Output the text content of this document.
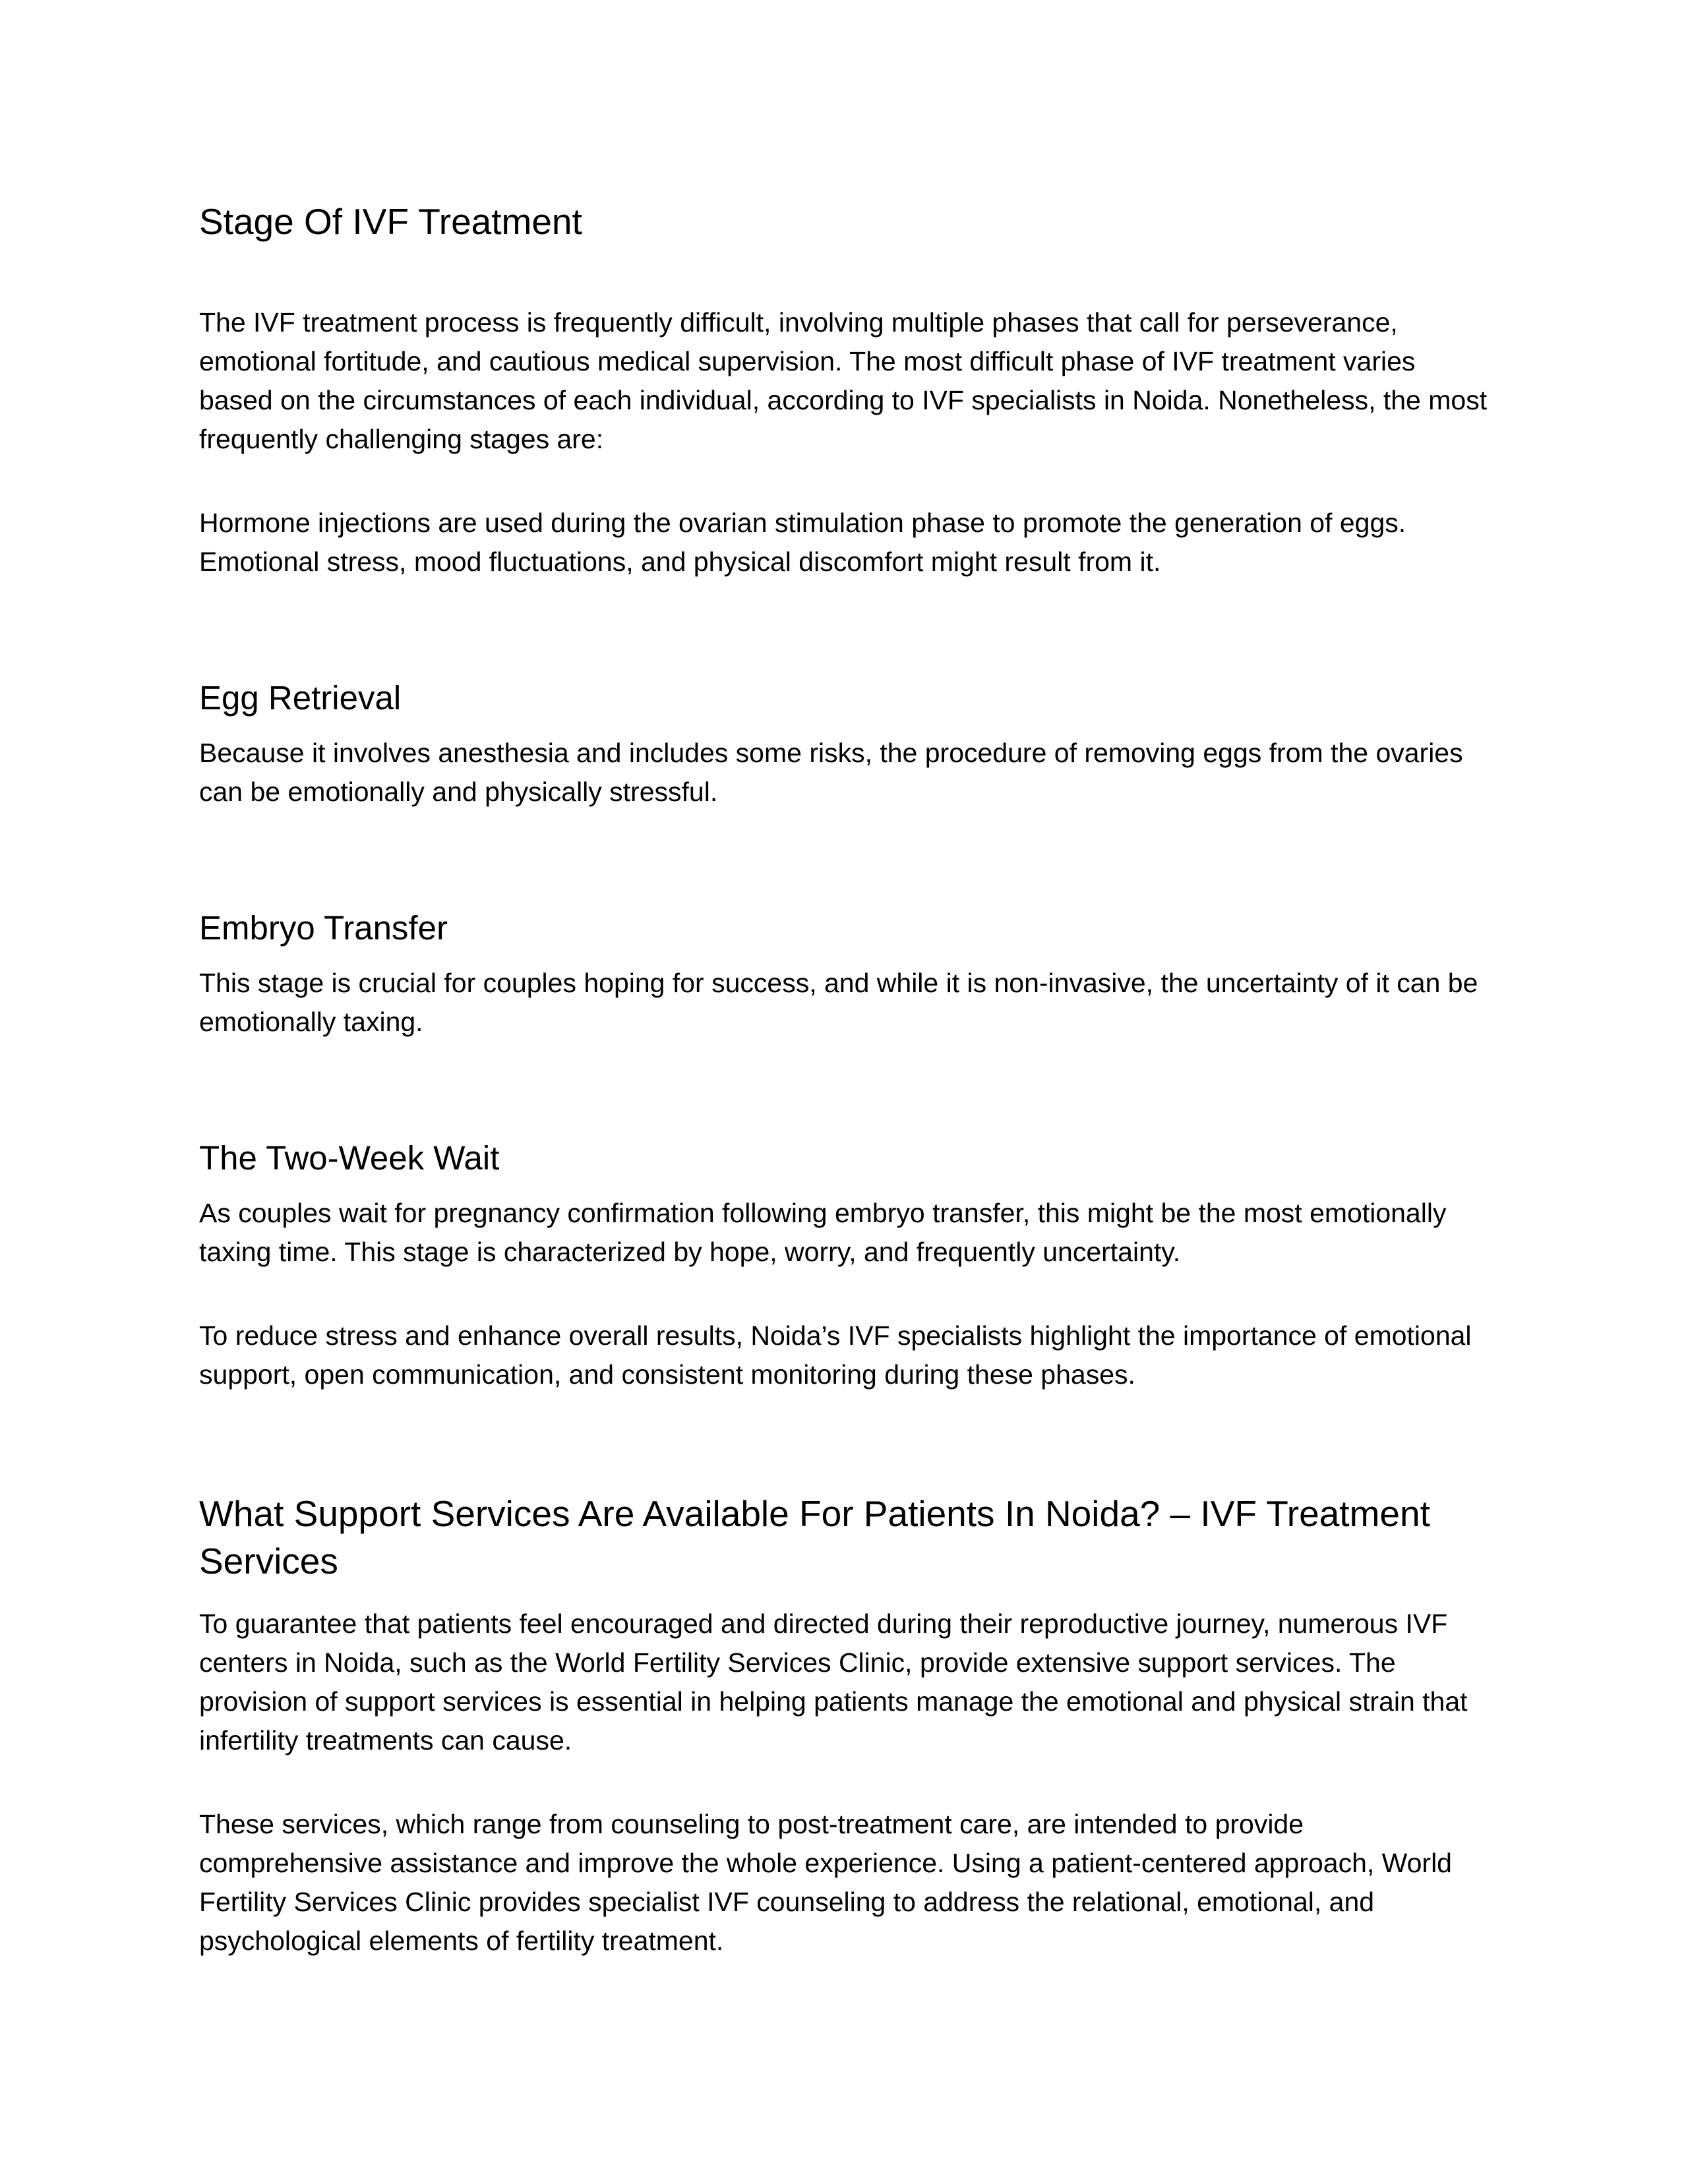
Stage Of IVF Treatment

The IVF treatment process is frequently difficult, involving multiple phases that call for perseverance, emotional fortitude, and cautious medical supervision. The most difficult phase of IVF treatment varies based on the circumstances of each individual, according to IVF specialists in Noida. Nonetheless, the most frequently challenging stages are:

Hormone injections are used during the ovarian stimulation phase to promote the generation of eggs. Emotional stress, mood fluctuations, and physical discomfort might result from it.

Egg Retrieval

Because it involves anesthesia and includes some risks, the procedure of removing eggs from the ovaries can be emotionally and physically stressful.

Embryo Transfer

This stage is crucial for couples hoping for success, and while it is non-invasive, the uncertainty of it can be emotionally taxing.

The Two-Week Wait

As couples wait for pregnancy confirmation following embryo transfer, this might be the most emotionally taxing time. This stage is characterized by hope, worry, and frequently uncertainty.

To reduce stress and enhance overall results, Noida’s IVF specialists highlight the importance of emotional support, open communication, and consistent monitoring during these phases.

What Support Services Are Available For Patients In Noida? – IVF Treatment Services

To guarantee that patients feel encouraged and directed during their reproductive journey, numerous IVF centers in Noida, such as the World Fertility Services Clinic, provide extensive support services. The provision of support services is essential in helping patients manage the emotional and physical strain that infertility treatments can cause.

These services, which range from counseling to post-treatment care, are intended to provide comprehensive assistance and improve the whole experience. Using a patient-centered approach, World Fertility Services Clinic provides specialist IVF counseling to address the relational, emotional, and psychological elements of fertility treatment.
